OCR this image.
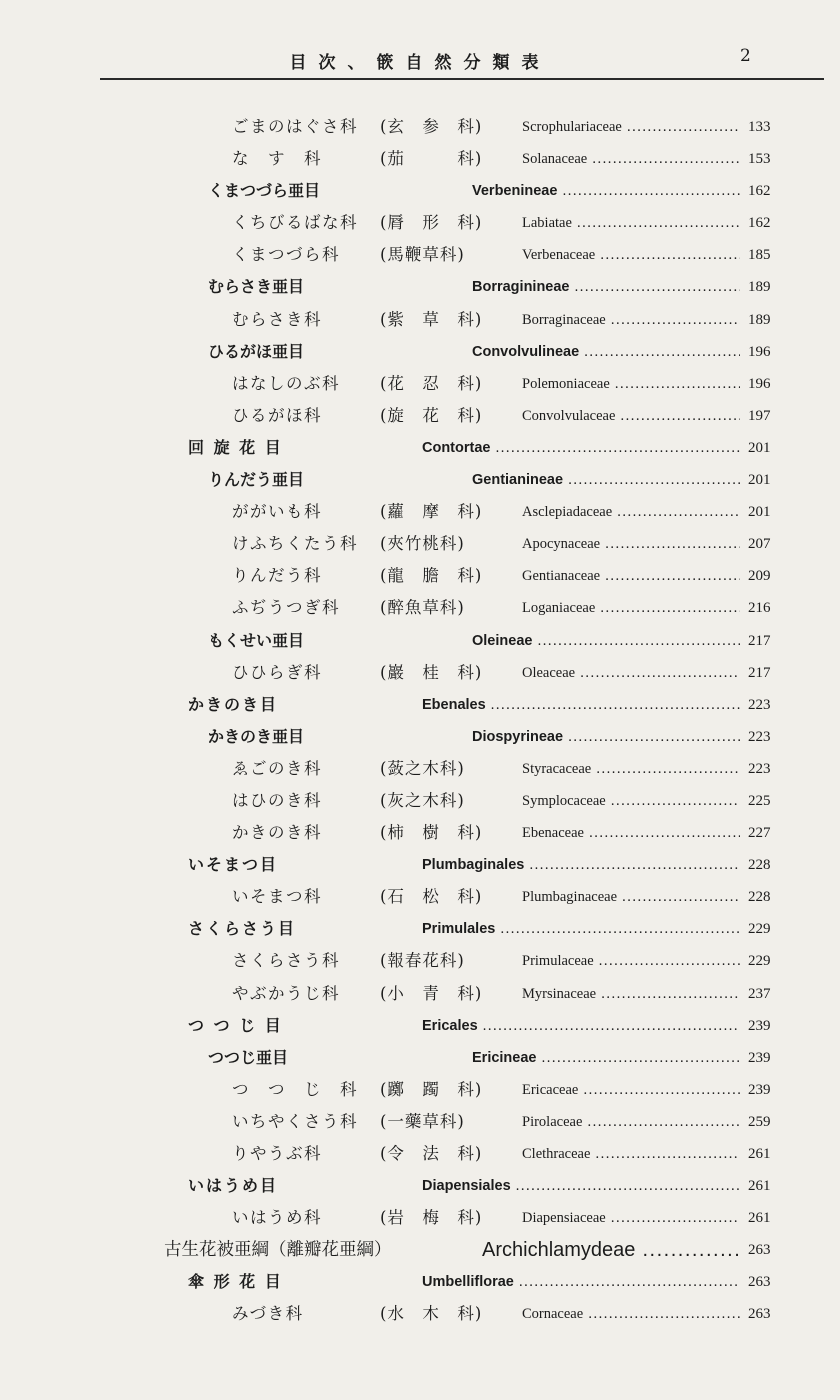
目次、篏自然分類表	2
ごまのはぐさ科 (玄　参　科)	Scrophulariaceae .....	133
な　す　科	(茄　　　科)	Solanaceae .....	153
くまつづら亜目	Verbenineae .....	162
くちびるばな科 (脣　形　科)	Labiatae .....	162
くまつづら科 (馬鞭草科)	Verbenaceae .....	185
むらさき亜目	Borraginineae .....	189
むらさき科	(紫　草　科)	Borraginaceae .....	189
ひるがほ亜目	Convolvulineae .....	196
はなしのぶ科 (花　忍　科)	Polemoniaceae .....	196
ひるがほ科	(旋　花　科)	Convolvulaceae .....	197
回 旋 花 目	Contortae .....	201
りんだう亜目	Gentianineae .....	201
ががいも科	(蘿　摩　科)	Asclepiadaceae .....	201
けふちくたう科 (夾竹桃科)	Apocynaceae .....	207
りんだう科	(龍　膽　科)	Gentianaceae .....	209
ふぢうつぎ科 (醉魚草科)	Loganiaceae .....	216
もくせい亜目	Oleineae .....	217
ひひらぎ科	(巖　桂　科)	Oleaceae .....	217
かきのき目	Ebenales .....	223
かきのき亜目	Diospyrineae .....	223
ゑごのき科	(蔹之木科)	Styracaceae .....	223
はひのき科	(灰之木科)	Symplocaceae .....	225
かきのき科	(柿　樹　科)	Ebenaceae .....	227
いそまつ目	Plumbaginales .....	228
いそまつ科	(石　松　科)	Plumbaginaceae .....	228
さくらさう目	Primulales .....	229
さくらさう科 (報春花科)	Primulaceae .....	229
やぶかうじ科 (小　青　科)	Myrsinaceae .....	237
つ つ じ 目	Ericales .....	239
つつじ亜目	Ericineae .....	239
つ　つ　じ　科 (躑　躅　科)	Ericaceae .....	239
いちやくさう科 (一藥草科)	Pirolaceae .....	259
りやうぶ科	(令　法　科)	Clethraceae .....	261
いはうめ目	Diapensiales .....	261
いはうめ科	(岩　梅　科)	Diapensiaceae .....	261
古生花被亜綱（離瓣花亜綱）	Archichlamydeae .....	263
傘 形 花 目	Umbelliflorae .....	263
みづき科	(水　木　科)	Cornaceae .....	263
